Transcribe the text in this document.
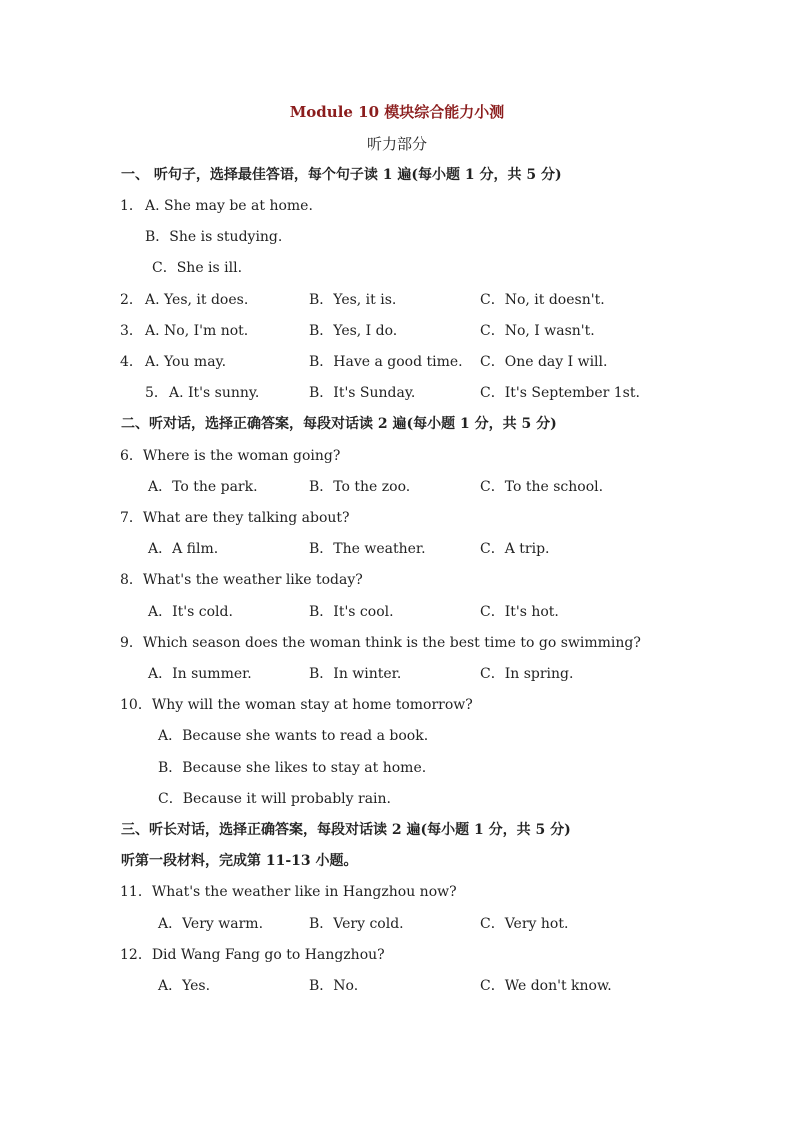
Module 10 模块综合能力小测
听力部分
一、 听句子，选择最佳答语，每个句子读 1 遍(每小题 1 分，共 5 分)
1． A. She may be at home.
B．She is studying.
C．She is ill.
2． A. Yes, it does.	B．Yes, it is.	C．No, it doesn't.
3． A. No, I'm not.	B．Yes, I do.	C．No, I wasn't.
4． A. You may.	B．Have a good time. C．One day I will.
5． A. It's sunny.	B．It's Sunday.	C．It's September 1st.
二、听对话，选择正确答案，每段对话读 2 遍(每小题 1 分，共 5 分)
6．Where is the woman going?
A．To the park.	B．To the zoo.	C．To the school.
7．What are they talking about?
A．A film.	B．The weather.	C．A trip.
8．What's the weather like today?
A．It's cold.	B．It's cool.	C．It's hot.
9．Which season does the woman think is the best time to go swimming?
A．In summer.	B．In winter.	C．In spring.
10．Why will the woman stay at home tomorrow?
A．Because she wants to read a book.
B．Because she likes to stay at home.
C．Because it will probably rain.
三、听长对话，选择正确答案，每段对话读 2 遍(每小题 1 分，共 5 分)
听第一段材料，完成第 11-13 小题。
11．What's the weather like in Hangzhou now?
A．Very warm.	B．Very cold.	C．Very hot.
12．Did Wang Fang go to Hangzhou?
A．Yes.	B．No.	C．We don't know.
